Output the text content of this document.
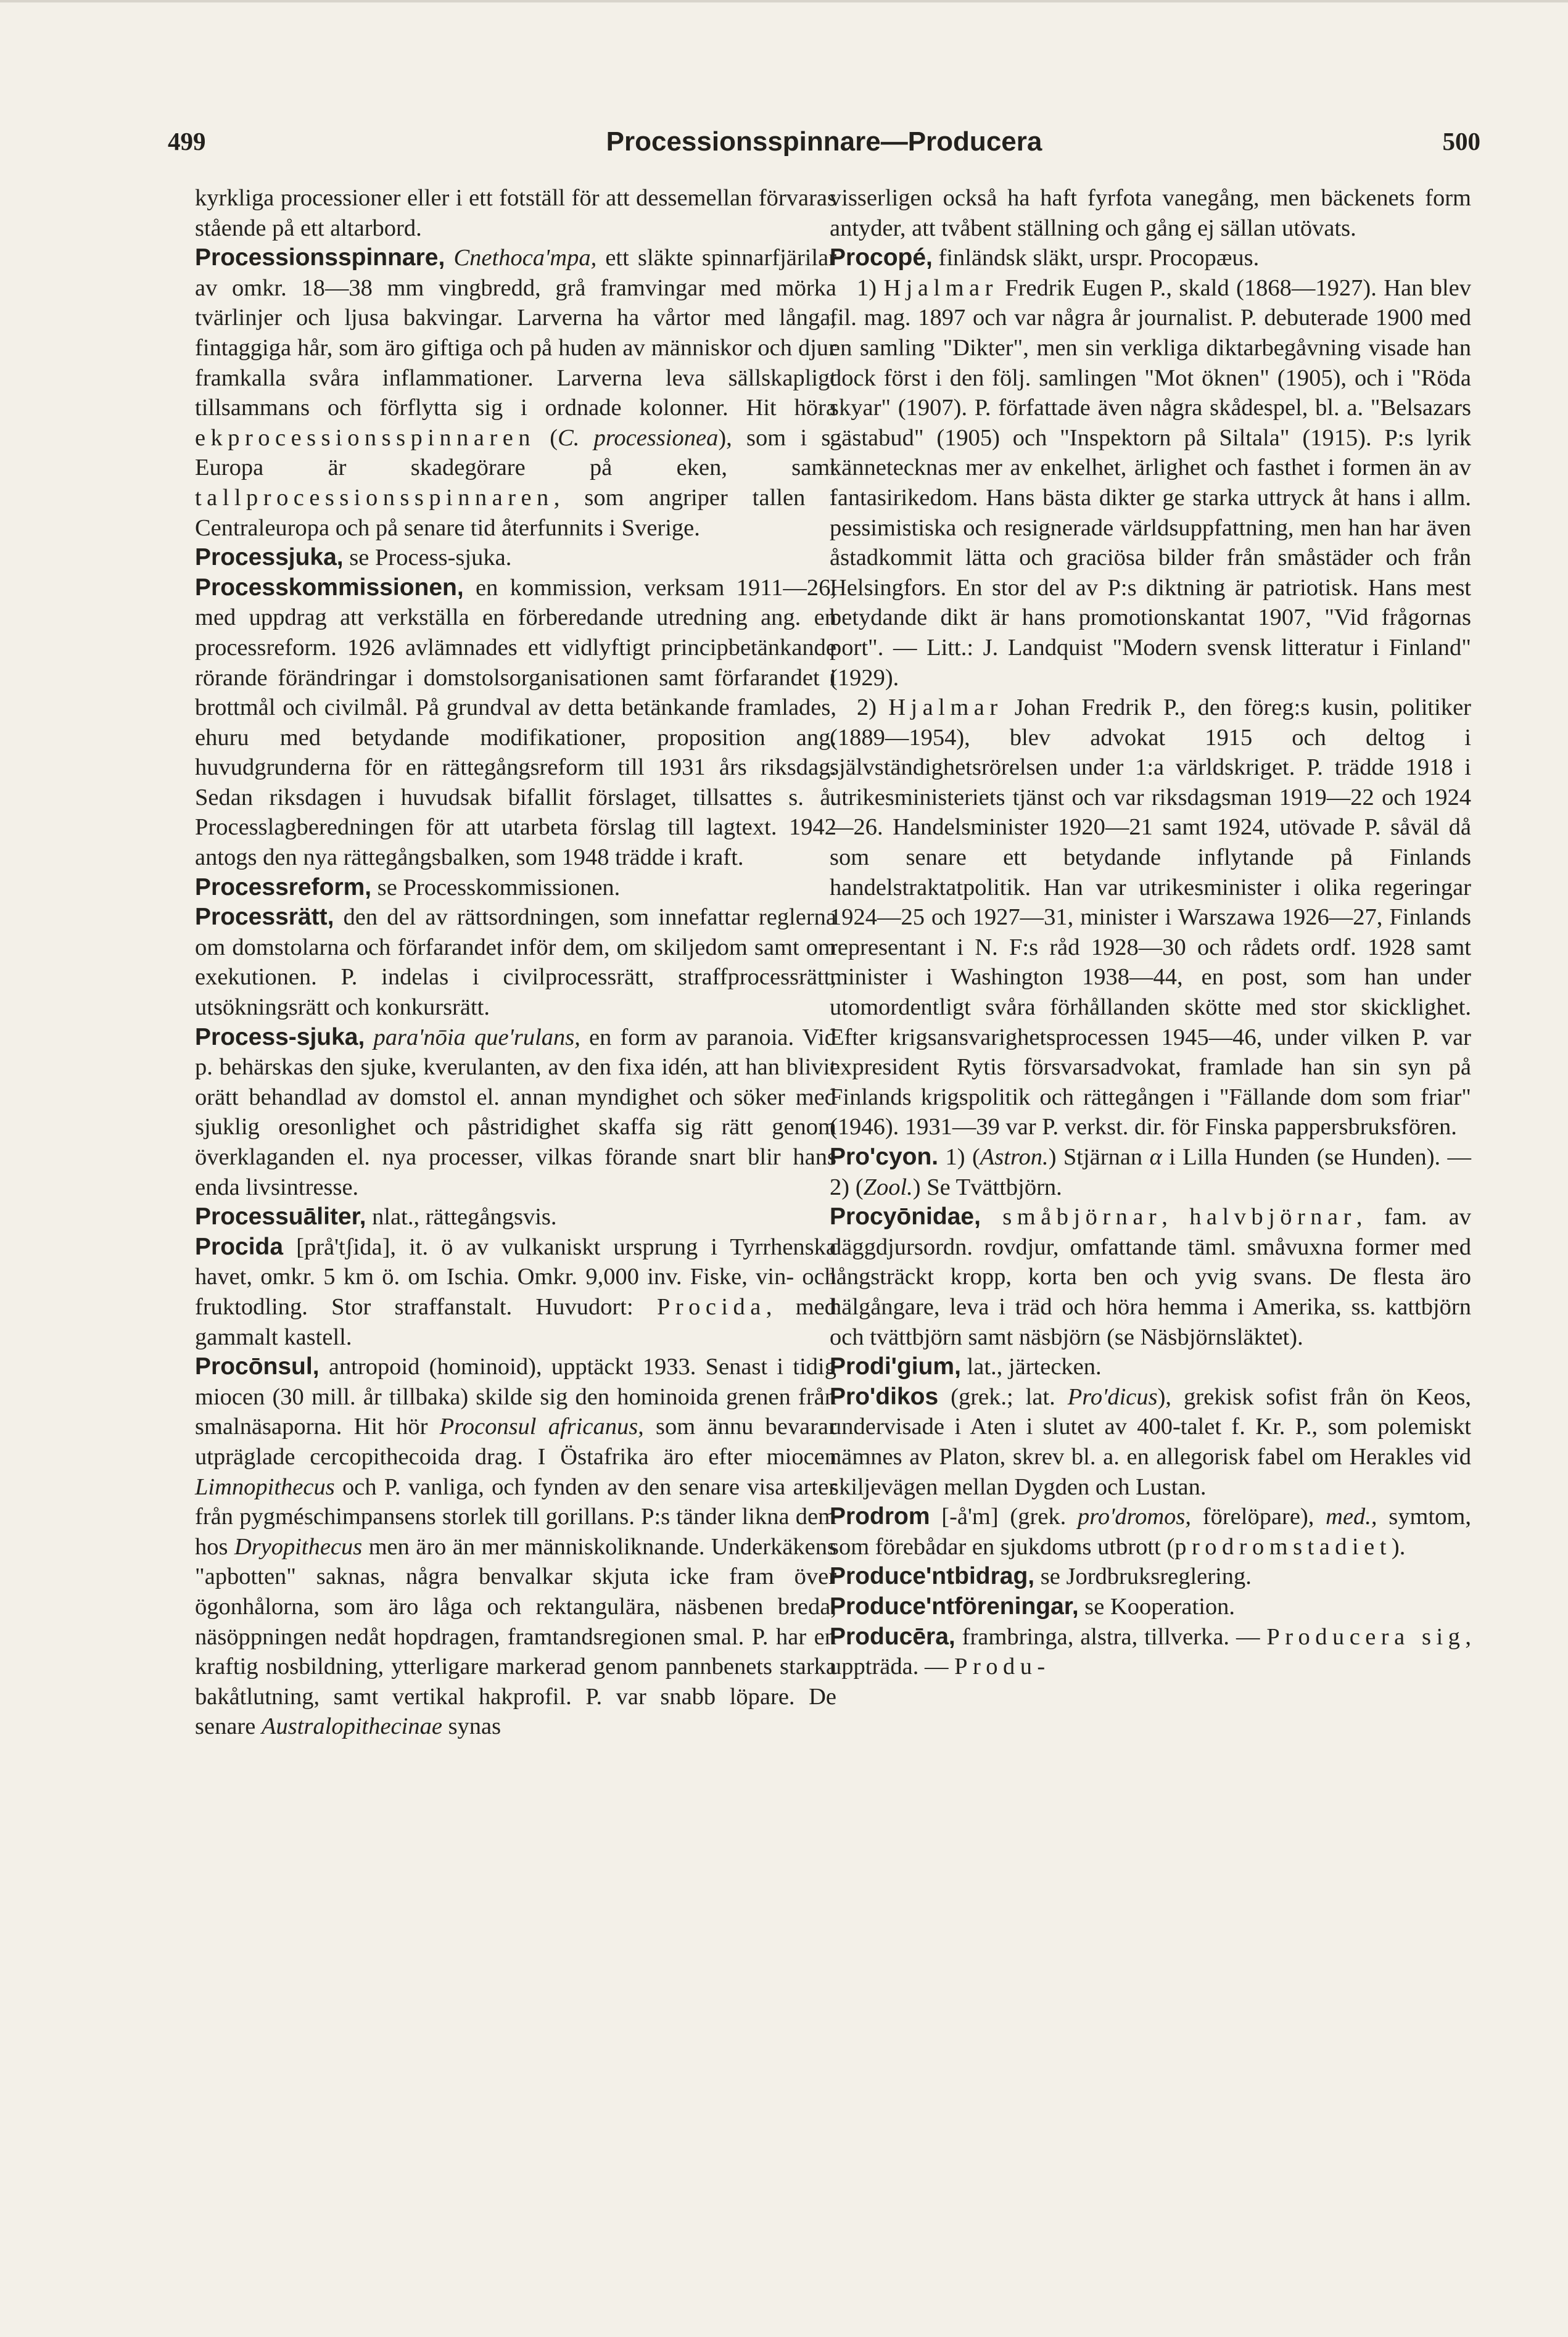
499	Processionsspinnare—Producera	500

kyrkliga processioner eller i ett fotställ för att dessemellan förvaras stående på ett altarbord.

Processionsspinnare, Cnethoca'mpa, ett släkte spinnarfjärilar av omkr. 18—38 mm vingbredd, grå framvingar med mörka tvärlinjer och ljusa bakvingar. Larverna ha vårtor med långa, fintaggiga hår, som äro giftiga och på huden av människor och djur framkalla svåra inflammationer. Larverna leva sällskapligt tillsammans och förflytta sig i ordnade kolonner. Hit höra ekprocessionsspinnaren (C. processionea), som i s. Europa är skadegörare på eken, samt tallprocessionsspinnaren, som angriper tallen i Centraleuropa och på senare tid återfunnits i Sverige.

Processjuka, se Process-sjuka.

Processkommissionen, en kommission, verksam 1911—26, med uppdrag att verkställa en förberedande utredning ang. en processreform. 1926 avlämnades ett vidlyftigt principbetänkande rörande förändringar i domstolsorganisationen samt förfarandet i brottmål och civilmål. På grundval av detta betänkande framlades, ehuru med betydande modifikationer, proposition ang. huvudgrunderna för en rättegångsreform till 1931 års riksdag. Sedan riksdagen i huvudsak bifallit förslaget, tillsattes s. å. Processlagberedningen för att utarbeta förslag till lagtext. 1942 antogs den nya rättegångsbalken, som 1948 trädde i kraft.

Processreform, se Processkommissionen.

Processrätt, den del av rättsordningen, som innefattar reglerna om domstolarna och förfarandet inför dem, om skiljedom samt om exekutionen. P. indelas i civilprocessrätt, straffprocessrätt, utsökningsrätt och konkursrätt.

Process-sjuka, para'nōia que'rulans, en form av paranoia. Vid p. behärskas den sjuke, kverulanten, av den fixa idén, att han blivit orätt behandlad av domstol el. annan myndighet och söker med sjuklig oresonlighet och påstridighet skaffa sig rätt genom överklaganden el. nya processer, vilkas förande snart blir hans enda livsintresse.

Processuāliter, nlat., rättegångsvis.

Procida [prå'tʃida], it. ö av vulkaniskt ursprung i Tyrrhenska havet, omkr. 5 km ö. om Ischia. Omkr. 9,000 inv. Fiske, vin- och fruktodling. Stor straffanstalt. Huvudort: Procida, med gammalt kastell.

Procōnsul, antropoid (hominoid), upptäckt 1933. Senast i tidig miocen (30 mill. år tillbaka) skilde sig den hominoida grenen från smalnäsaporna. Hit hör Proconsul africanus, som ännu bevarar utpräglade cercopithecoida drag. I Östafrika äro efter miocen Limnopithecus och P. vanliga, och fynden av den senare visa arter från pygméschimpansens storlek till gorillans. P:s tänder likna dem hos Dryopithecus men äro än mer människoliknande. Underkäkens "apbotten" saknas, några benvalkar skjuta icke fram över ögonhålorna, som äro låga och rektangulära, näsbenen breda, näsöppningen nedåt hopdragen, framtandsregionen smal. P. har en kraftig nosbildning, ytterligare markerad genom pannbenets starka bakåtlutning, samt vertikal hakprofil. P. var snabb löpare. De senare Australopithecinae synas

visserligen också ha haft fyrfota vanegång, men bäckenets form antyder, att tvåbent ställning och gång ej sällan utövats.

Procopé, finländsk släkt, urspr. Procopæus.

1) Hjalmar Fredrik Eugen P., skald (1868—1927). Han blev fil. mag. 1897 och var några år journalist. P. debuterade 1900 med en samling "Dikter", men sin verkliga diktarbegåvning visade han dock först i den följ. samlingen "Mot öknen" (1905), och i "Röda skyar" (1907). P. författade även några skådespel, bl. a. "Belsazars gästabud" (1905) och "Inspektorn på Siltala" (1915). P:s lyrik kännetecknas mer av enkelhet, ärlighet och fasthet i formen än av fantasirikedom. Hans bästa dikter ge starka uttryck åt hans i allm. pessimistiska och resignerade världsuppfattning, men han har även åstadkommit lätta och graciösa bilder från småstäder och från Helsingfors. En stor del av P:s diktning är patriotisk. Hans mest betydande dikt är hans promotionskantat 1907, "Vid frågornas port". — Litt.: J. Landquist "Modern svensk litteratur i Finland" (1929).

2) Hjalmar Johan Fredrik P., den föreg:s kusin, politiker (1889—1954), blev advokat 1915 och deltog i självständighetsrörelsen under 1:a världskriget. P. trädde 1918 i utrikesministeriets tjänst och var riksdagsman 1919—22 och 1924—26. Handelsminister 1920—21 samt 1924, utövade P. såväl då som senare ett betydande inflytande på Finlands handelstraktatpolitik. Han var utrikesminister i olika regeringar 1924—25 och 1927—31, minister i Warszawa 1926—27, Finlands representant i N. F:s råd 1928—30 och rådets ordf. 1928 samt minister i Washington 1938—44, en post, som han under utomordentligt svåra förhållanden skötte med stor skicklighet. Efter krigsansvarighetsprocessen 1945—46, under vilken P. var expresident Rytis försvarsadvokat, framlade han sin syn på Finlands krigspolitik och rättegången i "Fällande dom som friar" (1946). 1931—39 var P. verkst. dir. för Finska pappersbruksfören.

Pro'cyon. 1) (Astron.) Stjärnan α i Lilla Hunden (se Hunden). — 2) (Zool.) Se Tvättbjörn.

Procyōnidae, småbjörnar, halvbjörnar, fam. av däggdjursordn. rovdjur, omfattande täml. småvuxna former med långsträckt kropp, korta ben och yvig svans. De flesta äro hälgångare, leva i träd och höra hemma i Amerika, ss. kattbjörn och tvättbjörn samt näsbjörn (se Näsbjörnsläktet).

Prodi'gium, lat., järtecken.

Pro'dikos (grek.; lat. Pro'dicus), grekisk sofist från ön Keos, undervisade i Aten i slutet av 400-talet f. Kr. P., som polemiskt nämnes av Platon, skrev bl. a. en allegorisk fabel om Herakles vid skiljevägen mellan Dygden och Lustan.

Prodrom [-å'm] (grek. pro'dromos, förelöpare), med., symtom, som förebådar en sjukdoms utbrott (prodromstadiet).

Produce'ntbidrag, se Jordbruksreglering.

Produce'ntföreningar, se Kooperation.

Producēra, frambringa, alstra, tillverka. — Producera sig, uppträda. — Produ-
